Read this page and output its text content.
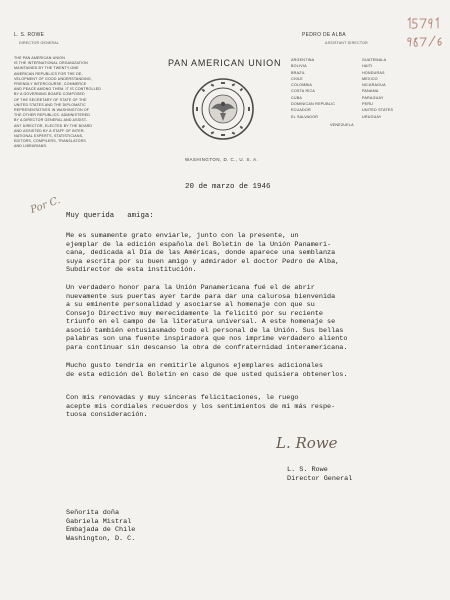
L. S. ROWE
DIRECTOR GENERAL
PEDRO DE ALBA
ASSISTANT DIRECTOR
THE PAN AMERICAN UNION
IS THE INTERNATIONAL ORGANIZATION
MAINTAINED BY THE TWENTY-ONE
AMERICAN REPUBLICS FOR THE DE-
VELOPMENT OF GOOD UNDERSTANDING,
FRIENDLY INTERCOURSE, COMMERCE
AND PEACE AMONG THEM. IT IS CONTROLLED
BY A GOVERNING BOARD COMPOSED
OF THE SECRETARY OF STATE OF THE
UNITED STATES AND THE DIPLOMATIC
REPRESENTATIVES IN WASHINGTON OF
THE OTHER REPUBLICS. ADMINISTERED
BY A DIRECTOR GENERAL AND ASSIST-
ANT DIRECTOR, ELECTED BY THE BOARD
AND ASSISTED BY A STAFF OF INTER-
NATIONAL EXPERTS, STATISTICIANS,
EDITORS, COMPILERS, TRANSLATORS
AND LIBRARIANS.
PAN AMERICAN UNION
WASHINGTON, D. C., U. S. A.
ARGENTINA
BOLIVIA
BRAZIL
CHILE
COLOMBIA
COSTA RICA
CUBA
DOMINICAN REPUBLIC
ECUADOR
EL SALVADOR
GUATEMALA
HAITI
HONDURAS
MEXICO
NICARAGUA
PANAMA
PARAGUAY
PERU
UNITED STATES
URUGUAY
VENEZUELA
20 de marzo de 1946
Por C.
Muy querida   amiga:
Me es sumamente grato enviarle, junto con la presente, un
ejemplar de la edición española del Boletín de la Unión Panameri-
cana, dedicada al Día de las Américas, donde aparece una semblanza
suya escrita por su buen amigo y admirador el doctor Pedro de Alba,
Subdirector de esta institución.
Un verdadero honor para la Unión Panamericana fué el de abrir
nuevamente sus puertas ayer tarde para dar una calurosa bienvenida
a su eminente personalidad y asociarse al homenaje con que su
Consejo Directivo muy merecidamente la felicitó por su reciente
triunfo en el campo de la literatura universal. A este homenaje se
asoció también entusiasmado todo el personal de la Unión. Sus bellas
palabras son una fuente inspiradora que nos imprime verdadero aliento
para continuar sin descanso la obra de confraternidad interamericana.
Mucho gusto tendría en remitirle algunos ejemplares adicionales
de esta edición del Boletín en caso de que usted quisiera obtenerlos.
Con mis renovadas y muy sinceras felicitaciones, le ruego
acepte mis cordiales recuerdos y los sentimientos de mi más respe-
tuosa consideración.
L. Rowe
L. S. Rowe
Director General
Señorita doña
Gabriela Mistral
Embajada de Chile
Washington, D. C.
